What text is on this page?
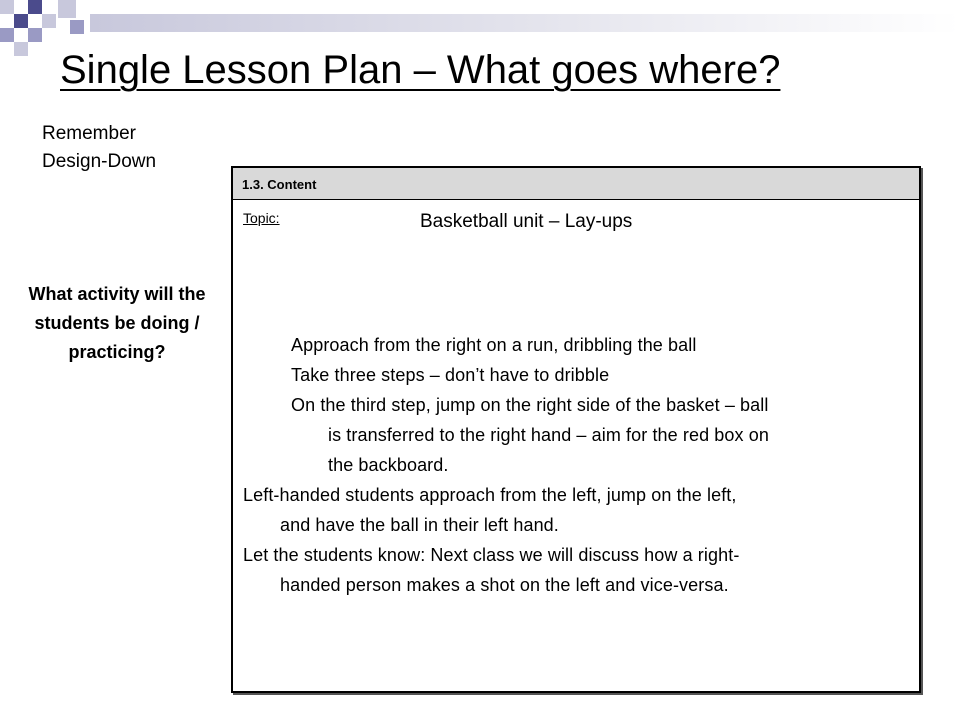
Single Lesson Plan – What goes where?
Remember
Design-Down
What activity will the students be doing / practicing?
1.3. Content
Topic:	Basketball unit – Lay-ups
Approach from the right on a run, dribbling the ball
Take three steps – don’t have to dribble
On the third step, jump on the right side of the basket – ball
is transferred to the right hand – aim for the red box on
the backboard.
Left-handed students approach from the left, jump on the left,
and have the ball in their left hand.
Let the students know: Next class we will discuss how a right-
handed person makes a shot on the left and vice-versa.
